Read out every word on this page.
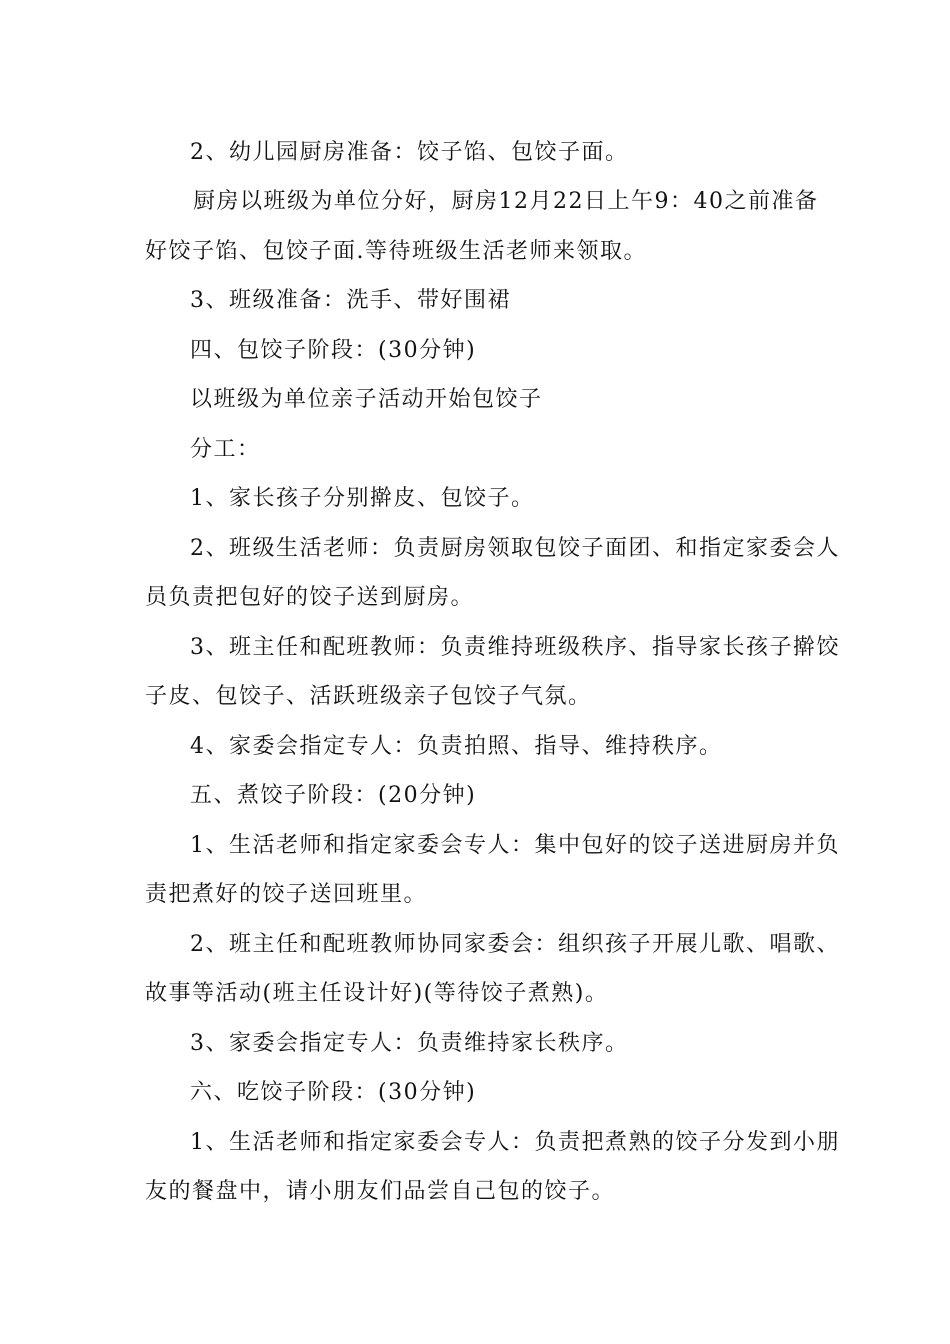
2、幼儿园厨房准备：饺子馅、包饺子面。
厨房以班级为单位分好，厨房12月22日上午9：40之前准备
好饺子馅、包饺子面.等待班级生活老师来领取。
3、班级准备：洗手、带好围裙
四、包饺子阶段：(30分钟)
以班级为单位亲子活动开始包饺子
分工：
1、家长孩子分别擀皮、包饺子。
2、班级生活老师：负责厨房领取包饺子面团、和指定家委会人
员负责把包好的饺子送到厨房。
3、班主任和配班教师：负责维持班级秩序、指导家长孩子擀饺
子皮、包饺子、活跃班级亲子包饺子气氛。
4、家委会指定专人：负责拍照、指导、维持秩序。
五、煮饺子阶段：(20分钟)
1、生活老师和指定家委会专人：集中包好的饺子送进厨房并负
责把煮好的饺子送回班里。
2、班主任和配班教师协同家委会：组织孩子开展儿歌、唱歌、
故事等活动(班主任设计好)(等待饺子煮熟)。
3、家委会指定专人：负责维持家长秩序。
六、吃饺子阶段：(30分钟)
1、生活老师和指定家委会专人：负责把煮熟的饺子分发到小朋
友的餐盘中，请小朋友们品尝自己包的饺子。
